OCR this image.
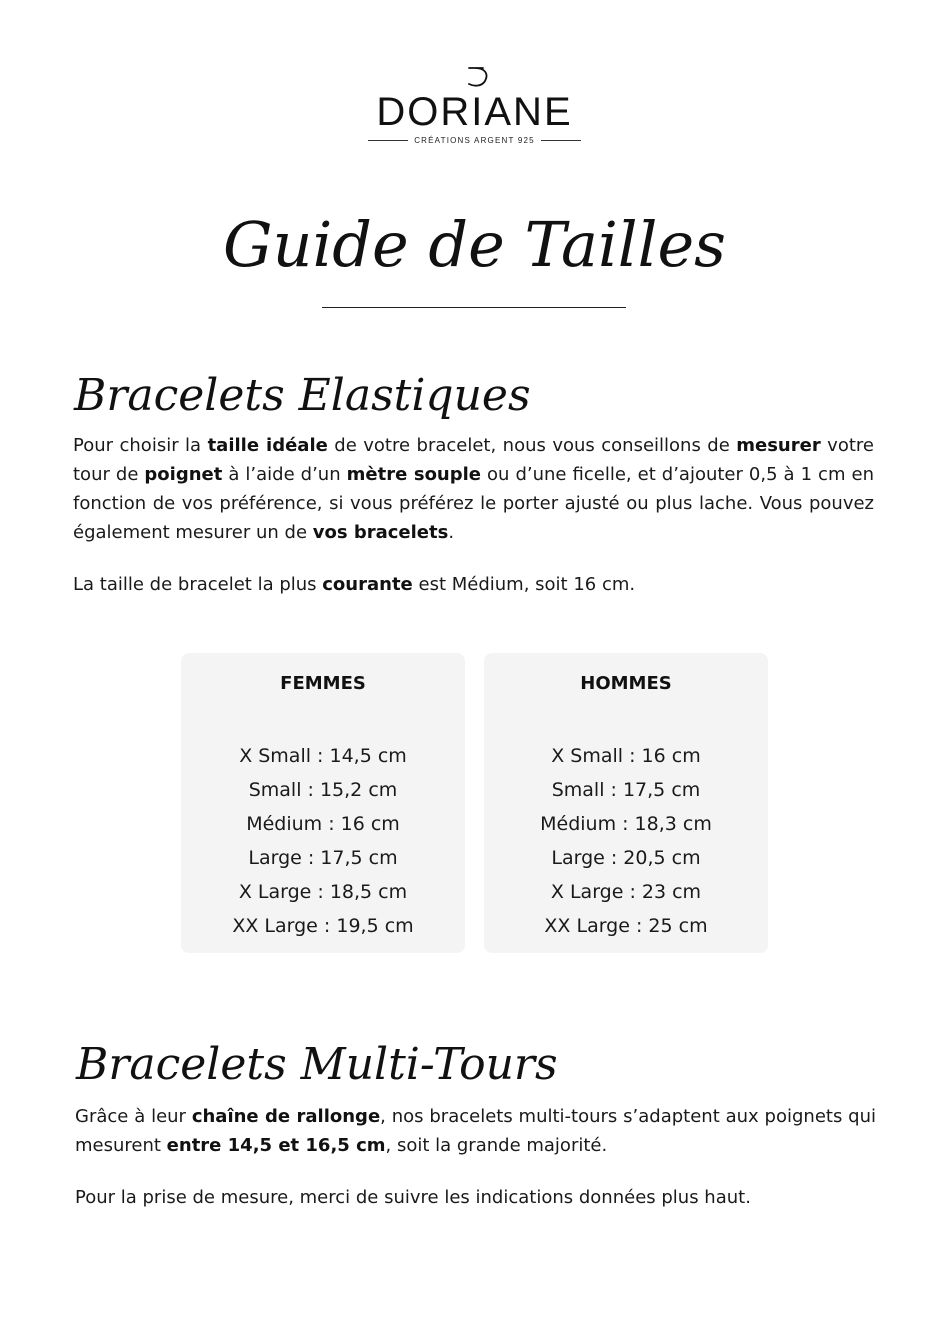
DORIANE
CRÉATIONS ARGENT 925
Guide de Tailles
Bracelets Elastiques

Pour choisir la taille idéale de votre bracelet, nous vous conseillons de mesurer votre tour de poignet à l’aide d’un mètre souple ou d’une ficelle, et d’ajouter 0,5 à 1 cm en fonction de vos préférence, si vous préférez le porter ajusté ou plus lache. Vous pouvez également mesurer un de vos bracelets.

La taille de bracelet la plus courante est Médium, soit 16 cm.

FEMMES
X Small : 14,5 cm
Small : 15,2 cm
Médium : 16 cm
Large : 17,5 cm
X Large : 18,5 cm
XX Large : 19,5 cm
HOMMES
X Small : 16 cm
Small : 17,5 cm
Médium : 18,3 cm
Large : 20,5 cm
X Large : 23 cm
XX Large : 25 cm
Bracelets Multi-Tours

Grâce à leur chaîne de rallonge, nos bracelets multi-tours s’adaptent aux poignets qui mesurent entre 14,5 et 16,5 cm, soit la grande majorité.

Pour la prise de mesure, merci de suivre les indications données plus haut.
